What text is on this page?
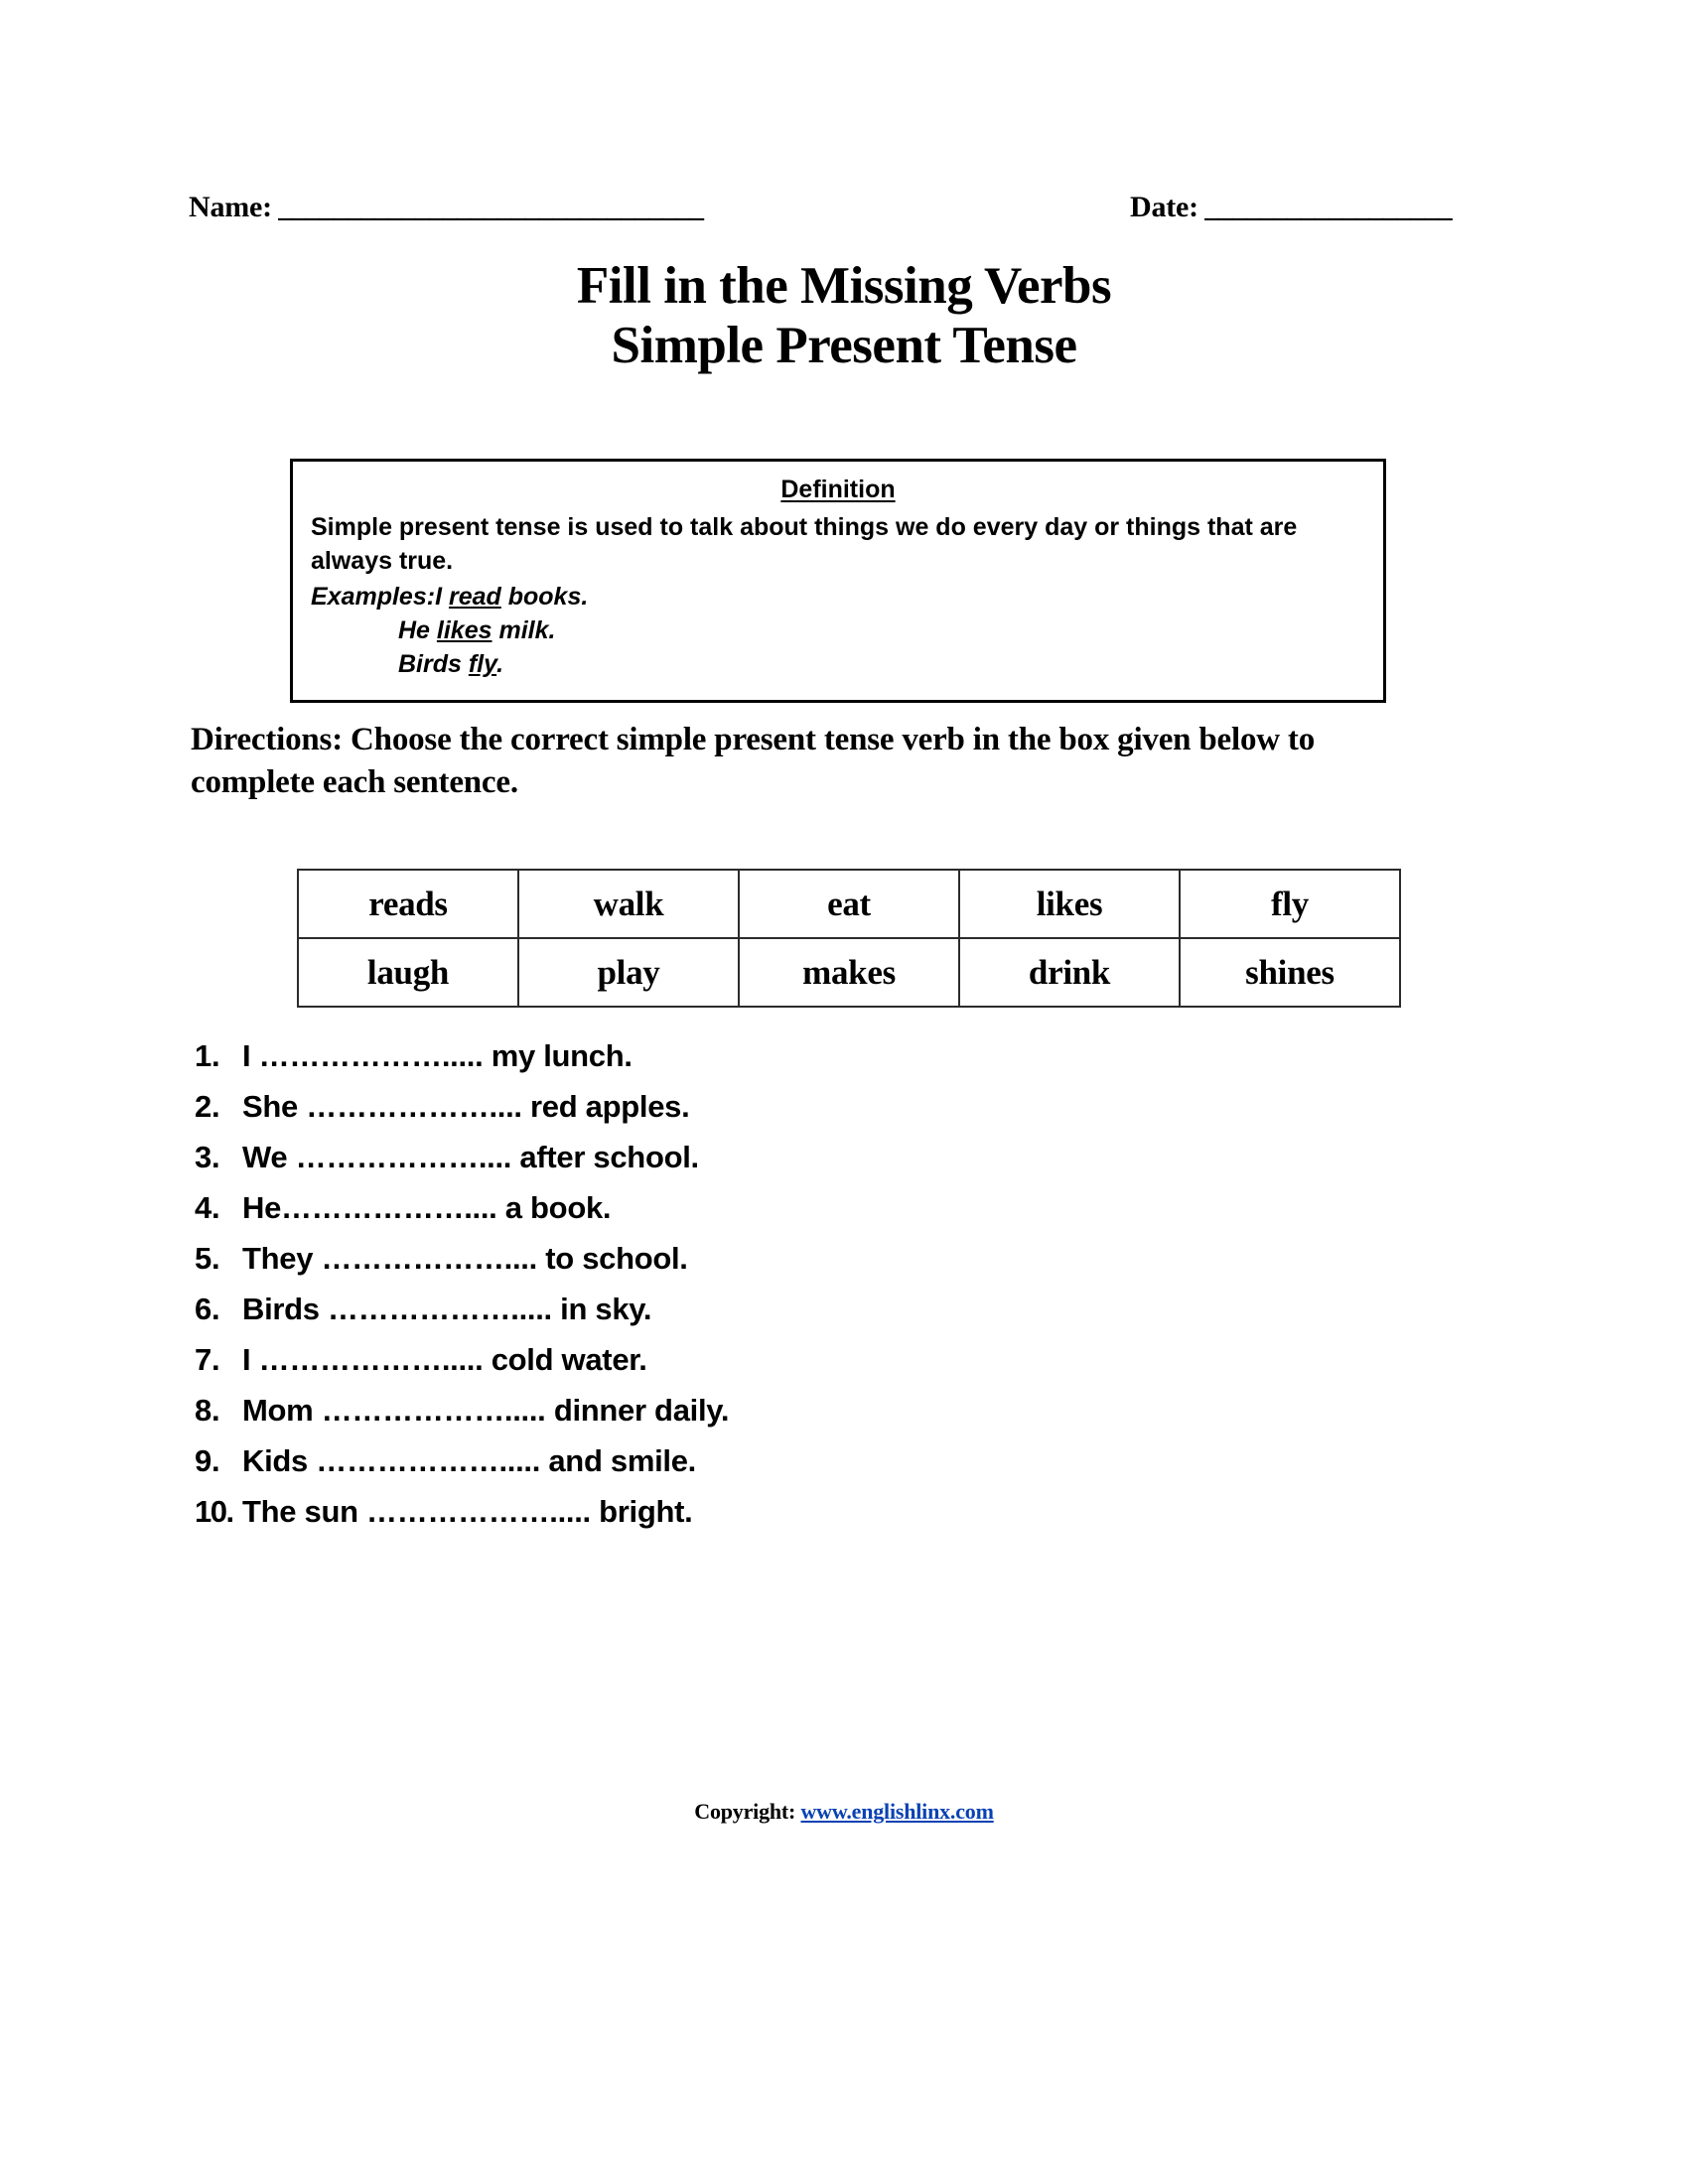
Name: _______________________________	Date: __________________
Fill in the Missing Verbs
Simple Present Tense
Definition
Simple present tense is used to talk about things we do every day or things that are always true.
Examples:I read books.
He likes milk.
Birds fly.
Directions: Choose the correct simple present tense verb in the box given below to complete each sentence.
reads	walk	eat	likes	fly
laugh	play	makes	drink	shines
1. I ………………..... my lunch.
2. She ……………….... red apples.
3. We ……………….... after school.
4. He……………….... a book.
5. They ……………….... to school.
6. Birds ………………..... in sky.
7. I ………………..... cold water.
8. Mom ………………..... dinner daily.
9. Kids ………………..... and smile.
10. The sun ………………..... bright.
Copyright: www.englishlinx.com
